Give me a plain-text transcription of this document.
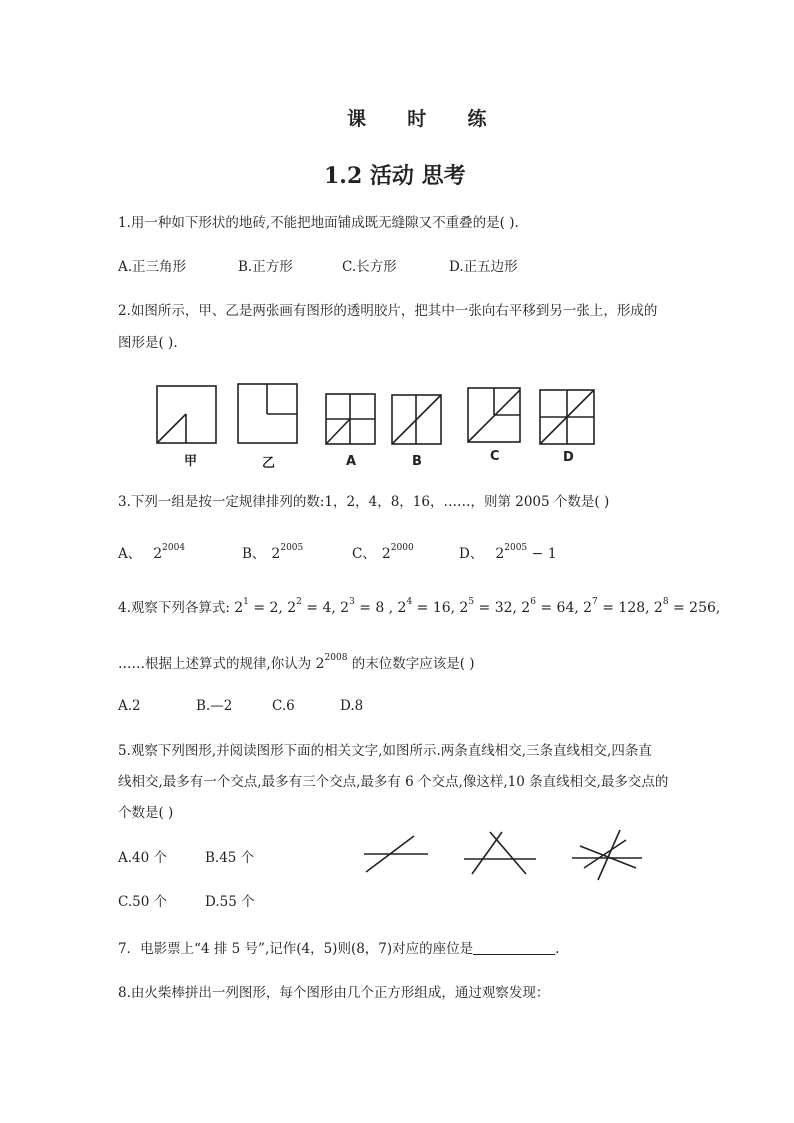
课 时 练
1.2 活动 思考
1.用一种如下形状的地砖,不能把地面铺成既无缝隙又不重叠的是( ).
A.正三角形	B.正方形	C.长方形	D.正五边形
2.如图所示，甲、乙是两张画有图形的透明胶片，把其中一张向右平移到另一张上，形成的
图形是( ).
甲	乙	A	B	C	D
3.下列一组是按一定规律排列的数:1，2，4，8，16，……，则第 2005 个数是( )
A、 $2^{2004}$	B、 $2^{2005}$	C、 $2^{2000}$	D、 $2^{2005} - 1$
4.观察下列各算式: $2^1 = 2$, $2^2 = 4$, $2^3 = 8$ , $2^4 = 16$, $2^5 = 32$, $2^6 = 64$, $2^7 = 128$, $2^8 = 256$,
……根据上述算式的规律,你认为 $2^{2008}$ 的末位数字应该是( )
A.2	B.—2	C.6	D.8
5.观察下列图形,并阅读图形下面的相关文字,如图所示.两条直线相交,三条直线相交,四条直
线相交,最多有一个交点,最多有三个交点,最多有 6 个交点,像这样,10 条直线相交,最多交点的
个数是( )
A.40 个	B.45 个
C.50 个	D.55 个
7．电影票上“4 排 5 号”,记作(4，5)则(8，7)对应的座位是	.
8.由火柴棒拼出一列图形，每个图形由几个正方形组成，通过观察发现：
